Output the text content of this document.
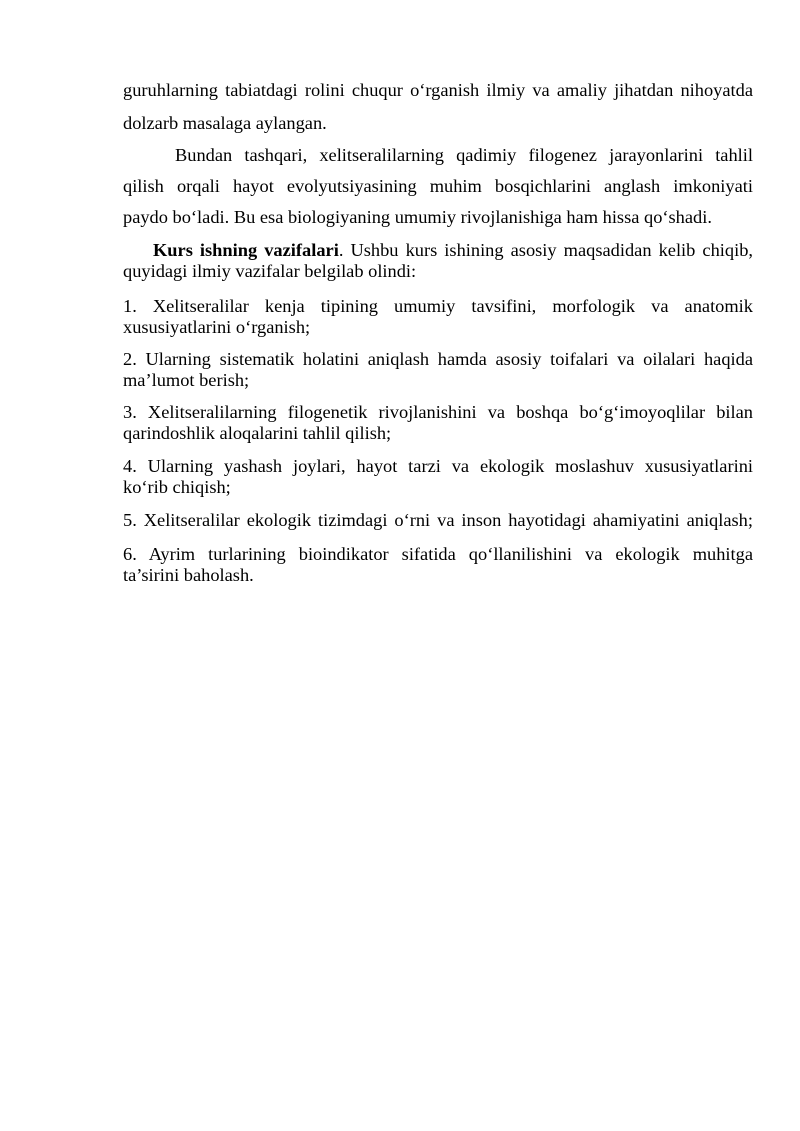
guruhlarning tabiatdagi rolini chuqur o‘rganish ilmiy va amaliy jihatdan nihoyatda
dolzarb masalaga aylangan.
Bundan tashqari, xelitseralilarning qadimiy filogenez jarayonlarini tahlil
qilish orqali hayot evolyutsiyasining muhim bosqichlarini anglash imkoniyati
paydo bo‘ladi. Bu esa biologiyaning umumiy rivojlanishiga ham hissa qo‘shadi.
Kurs ishning vazifalari. Ushbu kurs ishining asosiy maqsadidan kelib chiqib,
quyidagi ilmiy vazifalar belgilab olindi:
1. Xelitseralilar kenja tipining umumiy tavsifini, morfologik va anatomik
xususiyatlarini o‘rganish;
2. Ularning sistematik holatini aniqlash hamda asosiy toifalari va oilalari haqida
ma’lumot berish;
3. Xelitseralilarning filogenetik rivojlanishini va boshqa bo‘g‘imoyoqlilar bilan
qarindoshlik aloqalarini tahlil qilish;
4. Ularning yashash joylari, hayot tarzi va ekologik moslashuv xususiyatlarini
ko‘rib chiqish;
5. Xelitseralilar ekologik tizimdagi o‘rni va inson hayotidagi ahamiyatini aniqlash;
6. Ayrim turlarining bioindikator sifatida qo‘llanilishini va ekologik muhitga
ta’sirini baholash.
